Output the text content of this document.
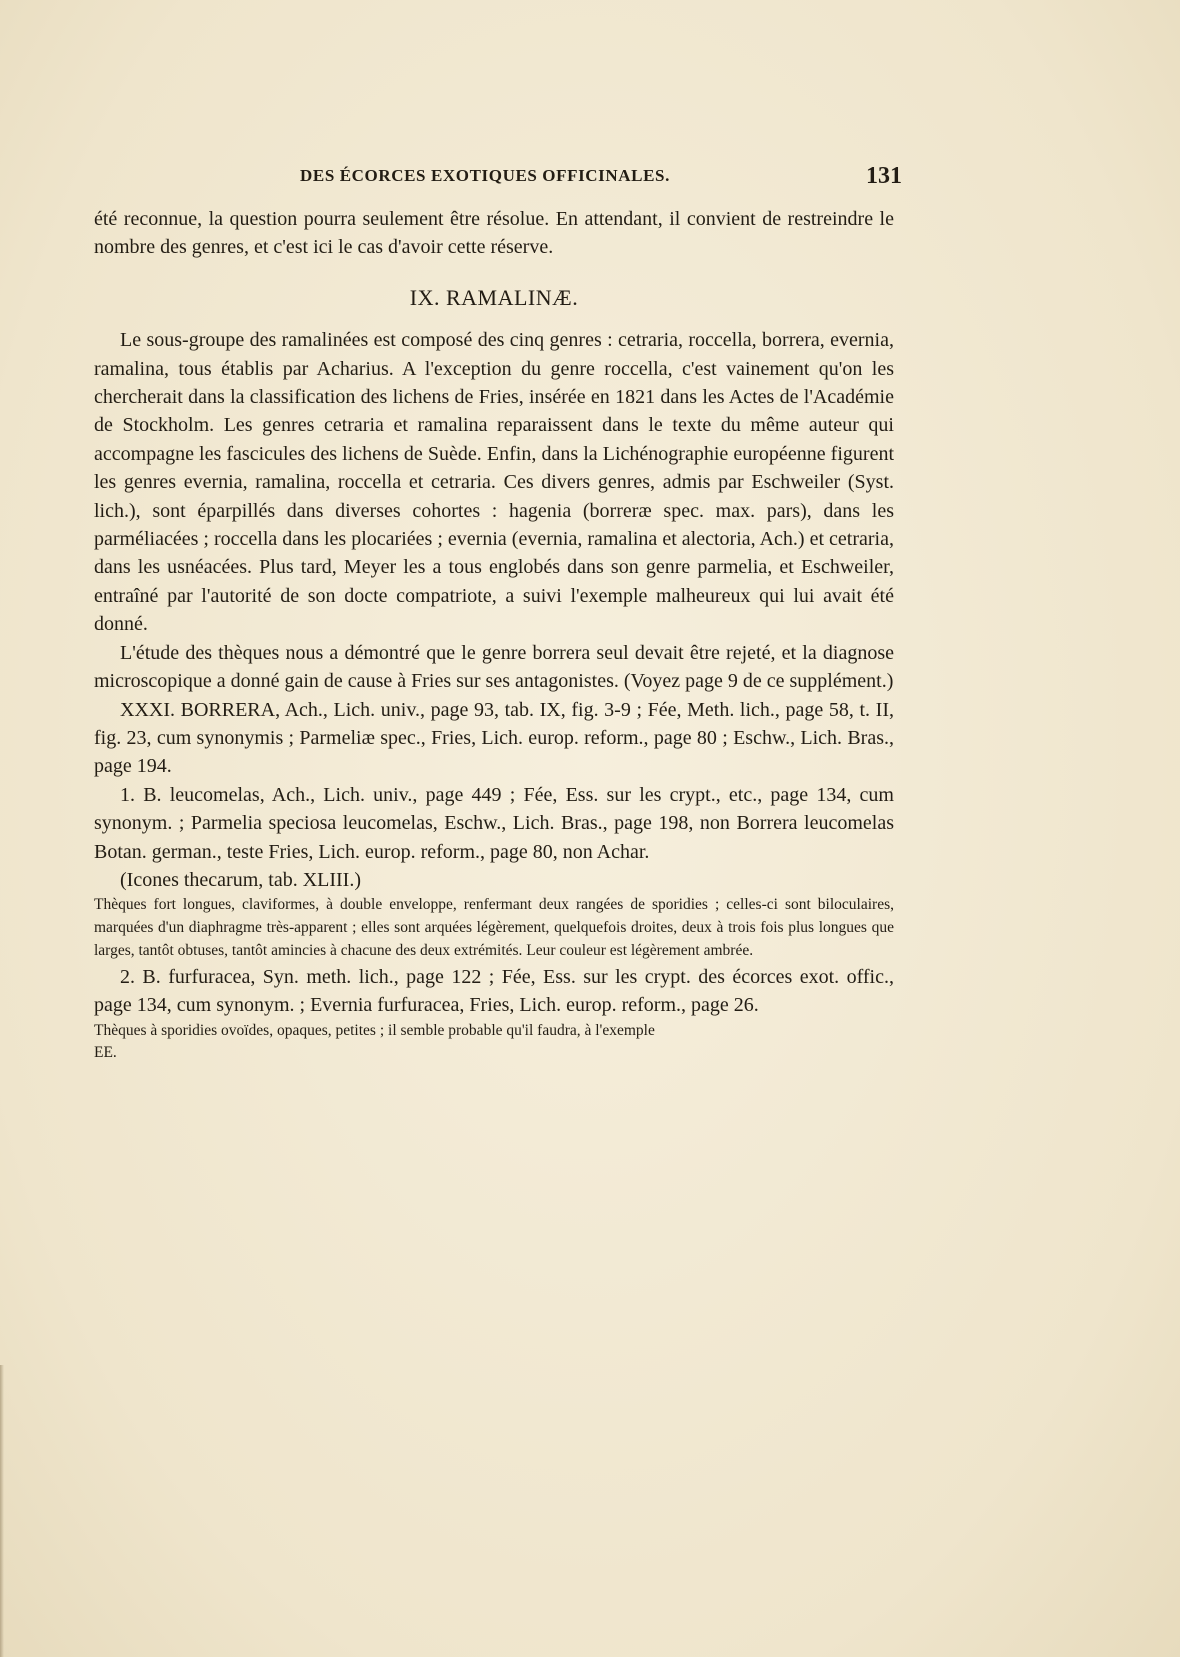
DES ÉCORCES EXOTIQUES OFFICINALES.	131

été reconnue, la question pourra seulement être résolue. En attendant, il convient de restreindre le nombre des genres, et c'est ici le cas d'avoir cette réserve.

IX. RAMALINÆ.

Le sous-groupe des ramalinées est composé des cinq genres : cetraria, roccella, borrera, evernia, ramalina, tous établis par Acharius. A l'exception du genre roccella, c'est vainement qu'on les chercherait dans la classification des lichens de Fries, insérée en 1821 dans les Actes de l'Académie de Stockholm. Les genres cetraria et ramalina reparaissent dans le texte du même auteur qui accompagne les fascicules des lichens de Suède. Enfin, dans la Lichénographie européenne figurent les genres evernia, ramalina, roccella et cetraria. Ces divers genres, admis par Eschweiler (Syst. lich.), sont éparpillés dans diverses cohortes : hagenia (borreræ spec. max. pars), dans les parméliacées ; roccella dans les plocariées ; evernia (evernia, ramalina et alectoria, Ach.) et cetraria, dans les usnéacées. Plus tard, Meyer les a tous englobés dans son genre parmelia, et Eschweiler, entraîné par l'autorité de son docte compatriote, a suivi l'exemple malheureux qui lui avait été donné.

L'étude des thèques nous a démontré que le genre borrera seul devait être rejeté, et la diagnose microscopique a donné gain de cause à Fries sur ses antagonistes. (Voyez page 9 de ce supplément.)

XXXI. BORRERA, Ach., Lich. univ., page 93, tab. IX, fig. 3-9 ; Fée, Meth. lich., page 58, t. II, fig. 23, cum synonymis ; Parmeliæ spec., Fries, Lich. europ. reform., page 80 ; Eschw., Lich. Bras., page 194.

1. B. leucomelas, Ach., Lich. univ., page 449 ; Fée, Ess. sur les crypt., etc., page 134, cum synonym. ; Parmelia speciosa leucomelas, Eschw., Lich. Bras., page 198, non Borrera leucomelas Botan. german., teste Fries, Lich. europ. reform., page 80, non Achar.

(Icones thecarum, tab. XLIII.)

Thèques fort longues, claviformes, à double enveloppe, renfermant deux rangées de sporidies ; celles-ci sont biloculaires, marquées d'un diaphragme très-apparent ; elles sont arquées légèrement, quelquefois droites, deux à trois fois plus longues que larges, tantôt obtuses, tantôt amincies à chacune des deux extrémités. Leur couleur est légèrement ambrée.

2. B. furfuracea, Syn. meth. lich., page 122 ; Fée, Ess. sur les crypt. des écorces exot. offic., page 134, cum synonym. ; Evernia furfuracea, Fries, Lich. europ. reform., page 26.

Thèques à sporidies ovoïdes, opaques, petites ; il semble probable qu'il faudra, à l'exemple

EE.
